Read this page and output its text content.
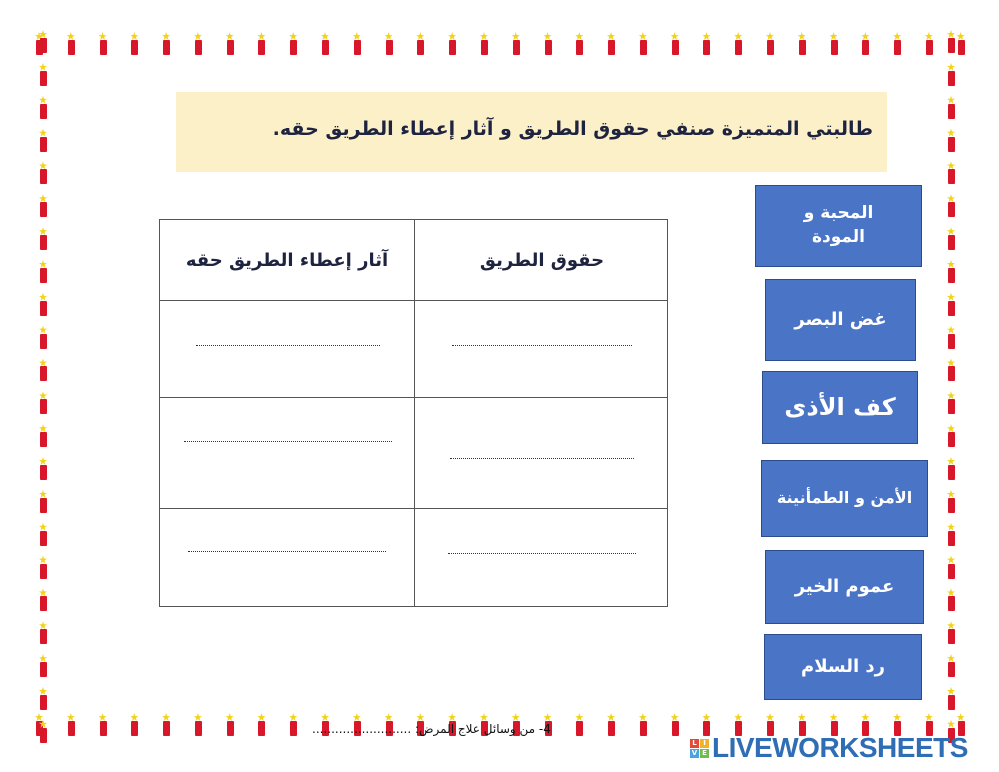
طالبتي المتميزة صنفي حقوق الطريق و آثار إعطاء الطريق حقه.
حقوق الطريق
آثار إعطاء الطريق حقه
المحبة و المودة
غض البصر
كف الأذى
الأمن و الطمأنينة
عموم الخير
رد السلام
4- من وسائل علاج المرض: ..........................
L I
V E LIVEWORKSHEETS
